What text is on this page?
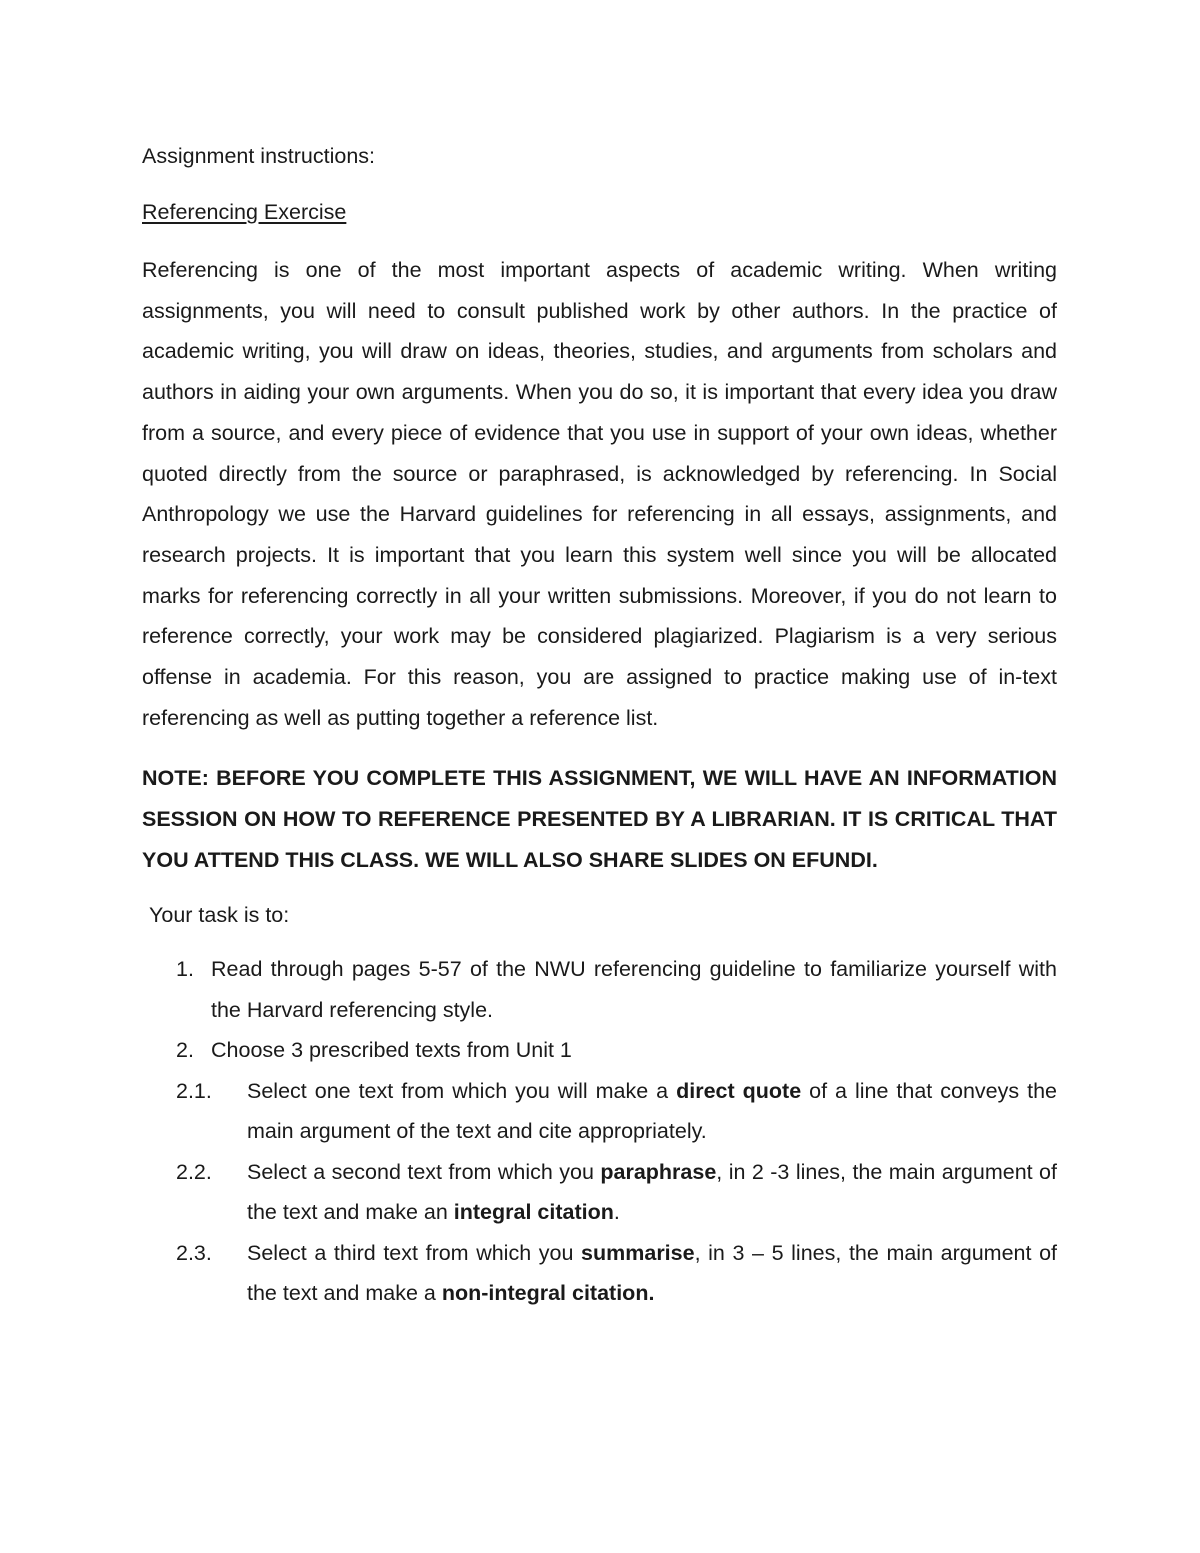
Assignment instructions:

Referencing Exercise

Referencing is one of the most important aspects of academic writing. When writing assignments, you will need to consult published work by other authors. In the practice of academic writing, you will draw on ideas, theories, studies, and arguments from scholars and authors in aiding your own arguments. When you do so, it is important that every idea you draw from a source, and every piece of evidence that you use in support of your own ideas, whether quoted directly from the source or paraphrased, is acknowledged by referencing. In Social Anthropology we use the Harvard guidelines for referencing in all essays, assignments, and research projects. It is important that you learn this system well since you will be allocated marks for referencing correctly in all your written submissions. Moreover, if you do not learn to reference correctly, your work may be considered plagiarized. Plagiarism is a very serious offense in academia. For this reason, you are assigned to practice making use of in-text referencing as well as putting together a reference list.

NOTE: BEFORE YOU COMPLETE THIS ASSIGNMENT, WE WILL HAVE AN INFORMATION SESSION ON HOW TO REFERENCE PRESENTED BY A LIBRARIAN. IT IS CRITICAL THAT YOU ATTEND THIS CLASS. WE WILL ALSO SHARE SLIDES ON EFUNDI.

Your task is to:

1. Read through pages 5-57 of the NWU referencing guideline to familiarize yourself with the Harvard referencing style.
2. Choose 3 prescribed texts from Unit 1
2.1.	Select one text from which you will make a direct quote of a line that conveys the main argument of the text and cite appropriately.
2.2.	Select a second text from which you paraphrase, in 2 -3 lines, the main argument of the text and make an integral citation.
2.3.	Select a third text from which you summarise, in 3 – 5 lines, the main argument of the text and make a non-integral citation.
